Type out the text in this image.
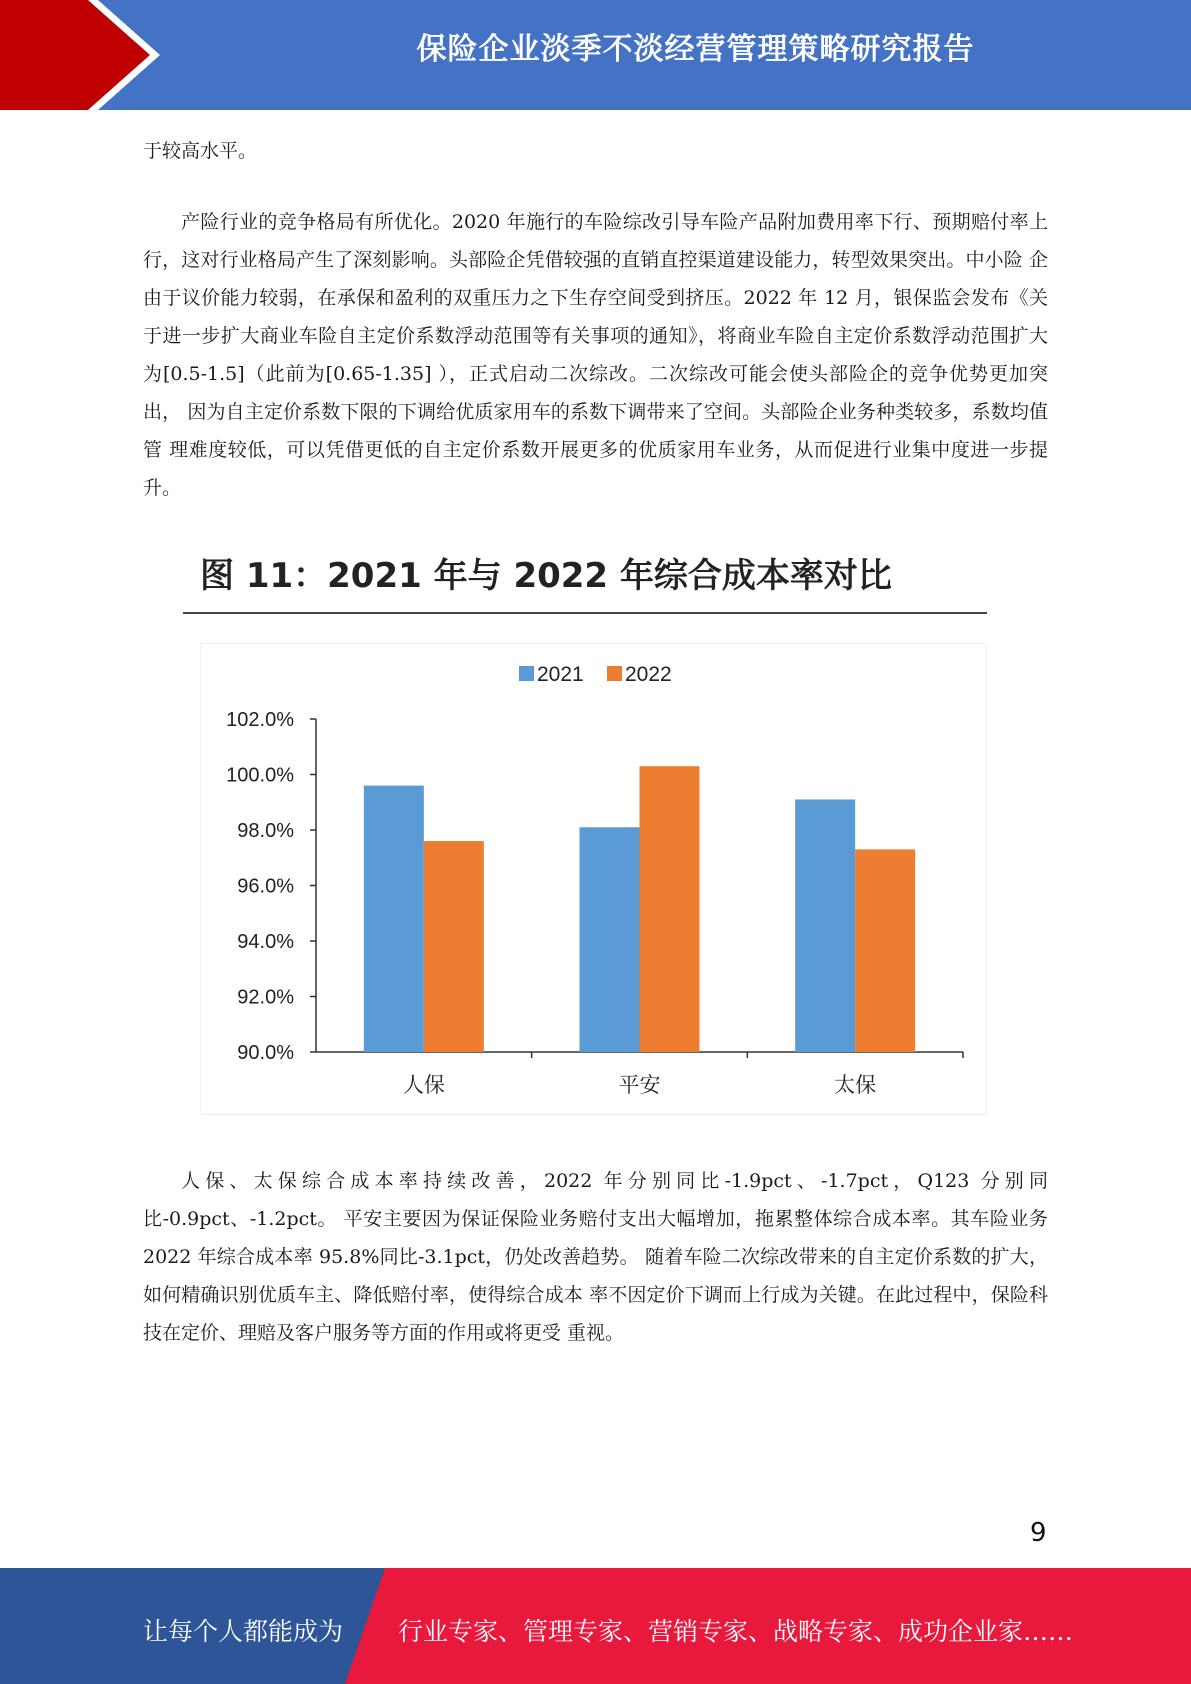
保险企业淡季不淡经营管理策略研究报告

于较高水平。

产险行业的竞争格局有所优化。2020 年施行的车险综改引导车险产品附加费用率下行、预期赔付率上 行，这对行业格局产生了深刻影响。头部险企凭借较强的直销直控渠道建设能力，转型效果突出。中小险 企由于议价能力较弱，在承保和盈利的双重压力之下生存空间受到挤压。2022 年 12 月，银保监会发布《关 于进一步扩大商业车险自主定价系数浮动范围等有关事项的通知》，将商业车险自主定价系数浮动范围扩大 为[0.5-1.5]（此前为[0.65-1.35] ），正式启动二次综改。二次综改可能会使头部险企的竞争优势更加突出， 因为自主定价系数下限的下调给优质家用车的系数下调带来了空间。头部险企业务种类较多，系数均值管 理难度较低，可以凭借更低的自主定价系数开展更多的优质家用车业务，从而促进行业集中度进一步提升。

图 11：2021 年与 2022 年综合成本率对比
90.0%
92.0%
94.0%
96.0%
98.0%
100.0%
102.0%
人保	平安	太保
2021 2022

人保、太保综合成本率持续改善，2022 年分别同比-1.9pct、-1.7pct，Q123 分别同比-0.9pct、-1.2pct。 平安主要因为保证保险业务赔付支出大幅增加，拖累整体综合成本率。其车险业务 2022 年综合成本率 95.8%同比-3.1pct，仍处改善趋势。 随着车险二次综改带来的自主定价系数的扩大，如何精确识别优质车主、降低赔付率，使得综合成本 率不因定价下调而上行成为关键。在此过程中，保险科技在定价、理赔及客户服务等方面的作用或将更受 重视。

9
让每个人都能成为 行业专家、管理专家、营销专家、战略专家、成功企业家……
